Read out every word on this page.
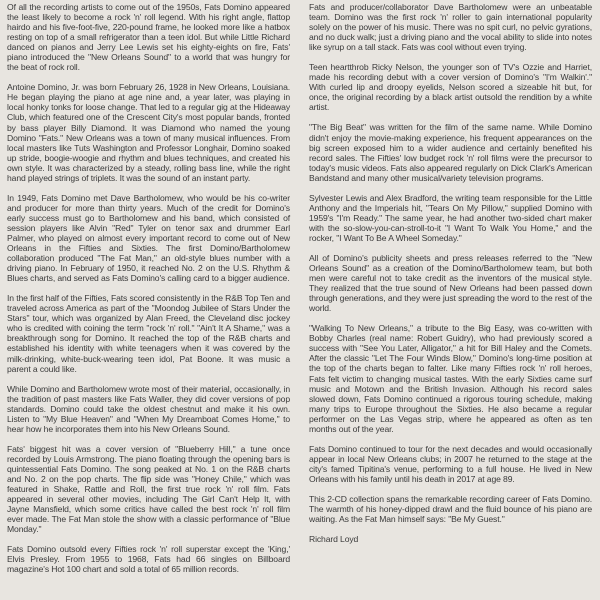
Of all the recording artists to come out of the 1950s, Fats Domino appeared the least likely to become a rock 'n' roll legend. With his right angle, flattop hairdo and his five-foot-five, 220-pound frame, he looked more like a hatbox resting on top of a small refrigerator than a teen idol. But while Little Richard danced on pianos and Jerry Lee Lewis set his eighty-eights on fire, Fats' piano introduced the "New Orleans Sound" to a world that was hungry for the beat of rock roll.

Antoine Domino, Jr. was born February 26, 1928 in New Orleans, Louisiana. He began playing the piano at age nine and, a year later, was playing in local honky tonks for loose change. That led to a regular gig at the Hideaway Club, which featured one of the Crescent City's most popular bands, fronted by bass player Billy Diamond. It was Diamond who named the young Domino "Fats." New Orleans was a town of many musical influences. From local masters like Tuts Washington and Professor Longhair, Domino soaked up stride, boogie-woogie and rhythm and blues techniques, and created his own style. It was characterized by a steady, rolling bass line, while the right hand played strings of triplets. It was the sound of an instant party.

In 1949, Fats Domino met Dave Bartholomew, who would be his co-writer and producer for more than thirty years. Much of the credit for Domino's early success must go to Bartholomew and his band, which consisted of session players like Alvin "Red" Tyler on tenor sax and drummer Earl Palmer, who played on almost every important record to come out of New Orleans in the Fifties and Sixties. The first Domino/Bartholomew collaboration produced "The Fat Man," an old-style blues number with a driving piano. In February of 1950, it reached No. 2 on the U.S. Rhythm & Blues charts, and served as Fats Domino's calling card to a bigger audience.

In the first half of the Fifties, Fats scored consistently in the R&B Top Ten and traveled across America as part of the "Moondog Jubilee of Stars Under the Stars" tour, which was organized by Alan Freed, the Cleveland disc jockey who is credited with coining the term "rock 'n' roll." "Ain't It A Shame," was a breakthrough song for Domino. It reached the top of the R&B charts and established his identity with white teenagers when it was covered by the milk-drinking, white-buck-wearing teen idol, Pat Boone. It was music a parent a could like.

While Domino and Bartholomew wrote most of their material, occasionally, in the tradition of past masters like Fats Waller, they did cover versions of pop standards. Domino could take the oldest chestnut and make it his own. Listen to "My Blue Heaven" and "When My Dreamboat Comes Home," to hear how he incorporates them into his New Orleans Sound.

Fats' biggest hit was a cover version of "Blueberry Hill," a tune once recorded by Louis Armstrong. The piano floating through the opening bars is quintessential Fats Domino. The song peaked at No. 1 on the R&B charts and No. 2 on the pop charts. The flip side was "Honey Chile," which was featured in Shake, Rattle and Roll, the first true rock 'n' roll film. Fats appeared in several other movies, including The Girl Can't Help It, with Jayne Mansfield, which some critics have called the best rock 'n' roll film ever made. The Fat Man stole the show with a classic performance of "Blue Monday."

Fats Domino outsold every Fifties rock 'n' roll superstar except the 'King,' Elvis Presley. From 1955 to 1968, Fats had 66 singles on Billboard magazine's Hot 100 chart and sold a total of 65 million records.

Fats and producer/collaborator Dave Bartholomew were an unbeatable team. Domino was the first rock 'n' roller to gain international popularity solely on the power of his music. There was no spit curl, no pelvic gyrations, and no duck walk; just a driving piano and the vocal ability to slide into notes like syrup on a tall stack. Fats was cool without even trying.

Teen heartthrob Ricky Nelson, the younger son of TV's Ozzie and Harriet, made his recording debut with a cover version of Domino's "I'm Walkin'." With curled lip and droopy eyelids, Nelson scored a sizeable hit but, for once, the original recording by a black artist outsold the rendition by a white artist.

"The Big Beat" was written for the film of the same name. While Domino didn't enjoy the movie-making experience, his frequent appearances on the big screen exposed him to a wider audience and certainly benefited his record sales. The Fifties' low budget rock 'n' roll films were the precursor to today's music videos. Fats also appeared regularly on Dick Clark's American Bandstand and many other musical/variety television programs.

Sylvester Lewis and Alex Bradford, the writing team responsible for the Little Anthony and the Imperials hit, "Tears On My Pillow," supplied Domino with 1959's "I'm Ready." The same year, he had another two-sided chart maker with the so-slow-you-can-stroll-to-it "I Want To Walk You Home," and the rocker, "I Want To Be A Wheel Someday."

All of Domino's publicity sheets and press releases referred to the "New Orleans Sound" as a creation of the Domino/Bartholomew team, but both men were careful not to take credit as the inventors of the musical style. They realized that the true sound of New Orleans had been passed down through generations, and they were just spreading the word to the rest of the world.

"Walking To New Orleans," a tribute to the Big Easy, was co-written with Bobby Charles (real name: Robert Guidry), who had previously scored a success with "See You Later, Alligator," a hit for Bill Haley and the Comets. After the classic "Let The Four Winds Blow," Domino's long-time position at the top of the charts began to falter. Like many Fifties rock 'n' roll heroes, Fats felt victim to changing musical tastes. With the early Sixties came surf music and Motown and the British Invasion. Although his record sales slowed down, Fats Domino continued a rigorous touring schedule, making many trips to Europe throughout the Sixties. He also became a regular performer on the Las Vegas strip, where he appeared as often as ten months out of the year.

Fats Domino continued to tour for the next decades and would occasionally appear in local New Orleans clubs; in 2007 he returned to the stage at the city's famed Tipitina's venue, performing to a full house. He lived in New Orleans with his family until his death in 2017 at age 89.

This 2-CD collection spans the remarkable recording career of Fats Domino. The warmth of his honey-dipped drawl and the fluid bounce of his piano are waiting. As the Fat Man himself says: "Be My Guest."

Richard Loyd
